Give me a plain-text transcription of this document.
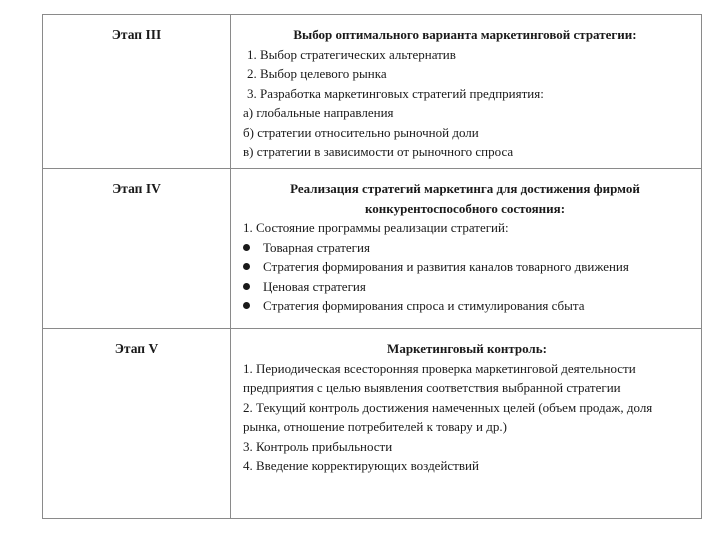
Этап III	Выбор оптимального варианта маркетинговой стратегии:
1. Выбор стратегических альтернатив
2. Выбор целевого рынка
3. Разработка маркетинговых стратегий предприятия:
а) глобальные направления
б) стратегии относительно рыночной доли
в) стратегии в зависимости от рыночного спроса
Этап IV	Реализация стратегий маркетинга для достижения фирмой конкурентоспособного состояния:
1. Состояние программы реализации стратегий:
Товарная стратегия
Стратегия формирования и развития каналов товарного движения
Ценовая стратегия
Стратегия формирования спроса и стимулирования сбыта
Этап V	Маркетинговый контроль:
1. Периодическая всесторонняя проверка маркетинговой деятельности предприятия с целью выявления соответствия выбранной стратегии
2. Текущий контроль достижения намеченных целей (объем продаж, доля рынка, отношение потребителей к товару и др.)
3. Контроль прибыльности
4. Введение корректирующих воздействий
